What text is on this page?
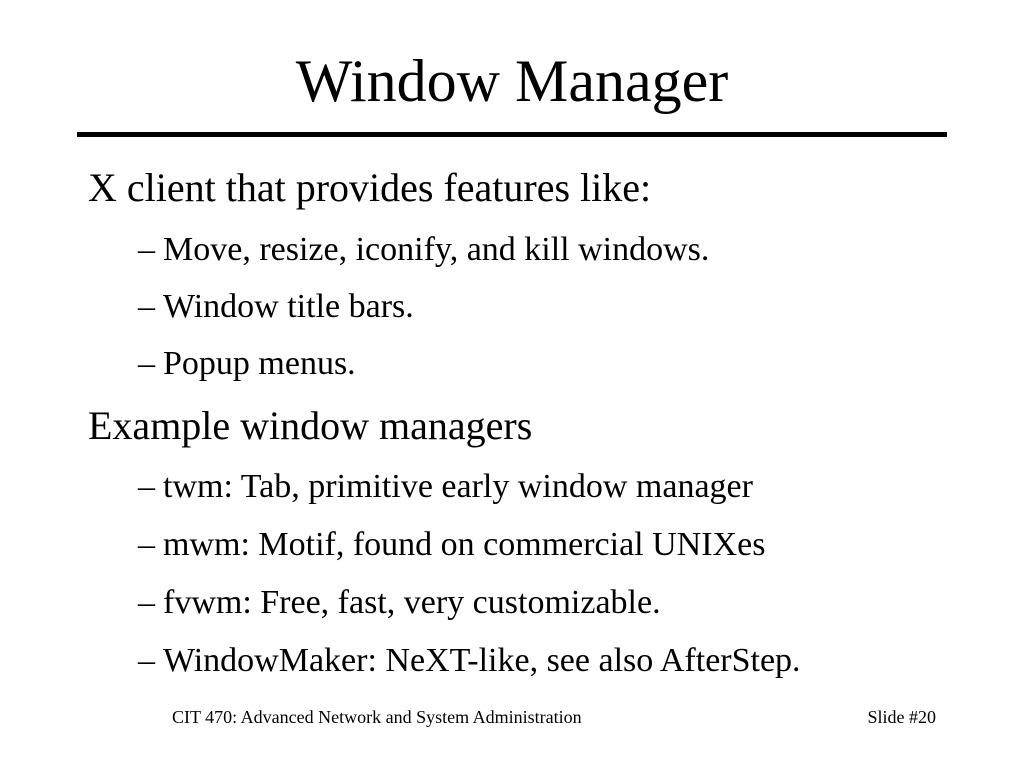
Window Manager
X client that provides features like:
– Move, resize, iconify, and kill windows.
– Window title bars.
– Popup menus.
Example window managers
– twm: Tab, primitive early window manager
– mwm: Motif, found on commercial UNIXes
– fvwm: Free, fast, very customizable.
– WindowMaker: NeXT-like, see also AfterStep.
CIT 470: Advanced Network and System Administration	Slide #20
